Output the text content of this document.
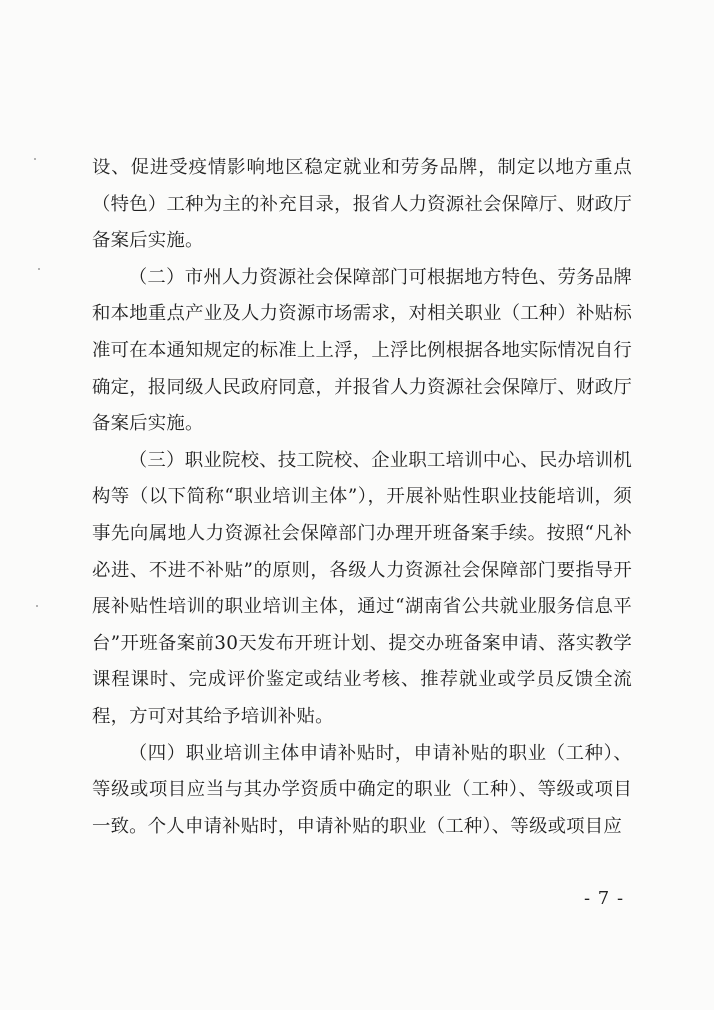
设、促进受疫情影响地区稳定就业和劳务品牌，制定以地方重点（特色）工种为主的补充目录，报省人力资源社会保障厅、财政厅备案后实施。

（二）市州人力资源社会保障部门可根据地方特色、劳务品牌和本地重点产业及人力资源市场需求，对相关职业（工种）补贴标准可在本通知规定的标准上上浮，上浮比例根据各地实际情况自行确定，报同级人民政府同意，并报省人力资源社会保障厅、财政厅备案后实施。

（三）职业院校、技工院校、企业职工培训中心、民办培训机构等（以下简称“职业培训主体”），开展补贴性职业技能培训，须事先向属地人力资源社会保障部门办理开班备案手续。按照“凡补必进、不进不补贴”的原则，各级人力资源社会保障部门要指导开展补贴性培训的职业培训主体，通过“湖南省公共就业服务信息平台”开班备案前30天发布开班计划、提交办班备案申请、落实教学课程课时、完成评价鉴定或结业考核、推荐就业或学员反馈全流程，方可对其给予培训补贴。

（四）职业培训主体申请补贴时，申请补贴的职业（工种）、等级或项目应当与其办学资质中确定的职业（工种）、等级或项目一致。个人申请补贴时，申请补贴的职业（工种）、等级或项目应

- 7 -
